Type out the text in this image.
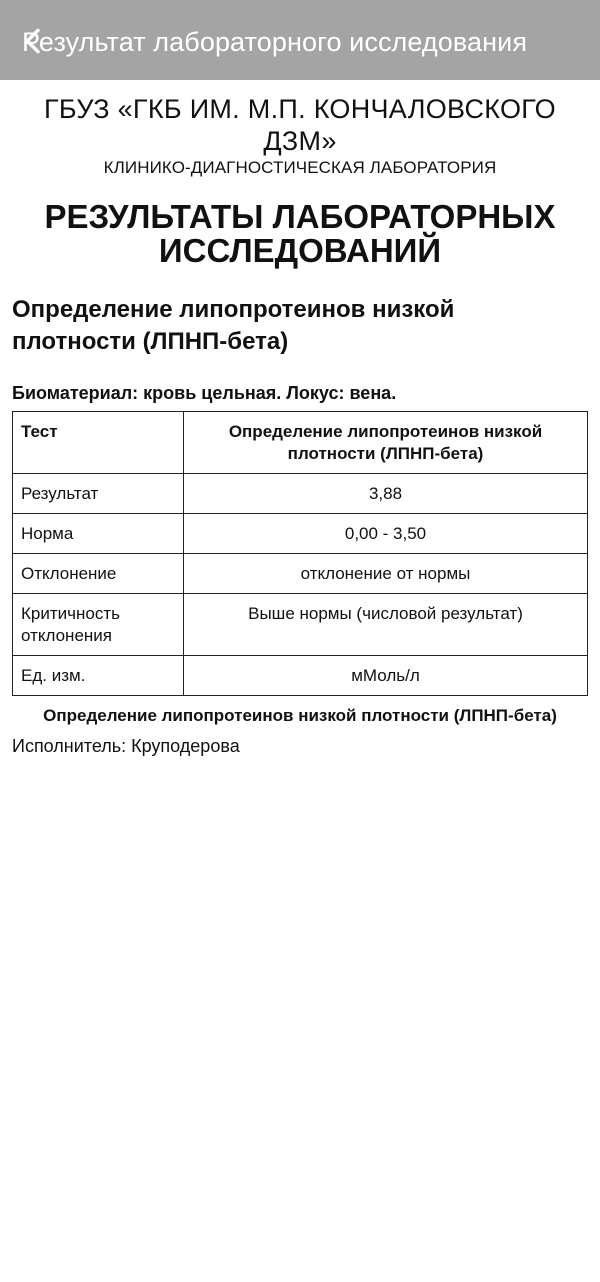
Результат лабораторного исследования
ГБУЗ «ГКБ ИМ. М.П. КОНЧАЛОВСКОГО ДЗМ»
КЛИНИКО-ДИАГНОСТИЧЕСКАЯ ЛАБОРАТОРИЯ
РЕЗУЛЬТАТЫ ЛАБОРАТОРНЫХ ИССЛЕДОВАНИЙ
Определение липопротеинов низкой плотности (ЛПНП-бета)
Биоматериал: кровь цельная. Локус: вена.
Тест	Определение липопротеинов низкой плотности (ЛПНП-бета)
Результат	3,88
Норма	0,00 - 3,50
Отклонение	отклонение от нормы
Критичность отклонения	Выше нормы (числовой результат)
Ед. изм.	мМоль/л
Определение липопротеинов низкой плотности (ЛПНП-бета)
Исполнитель: Круподерова
